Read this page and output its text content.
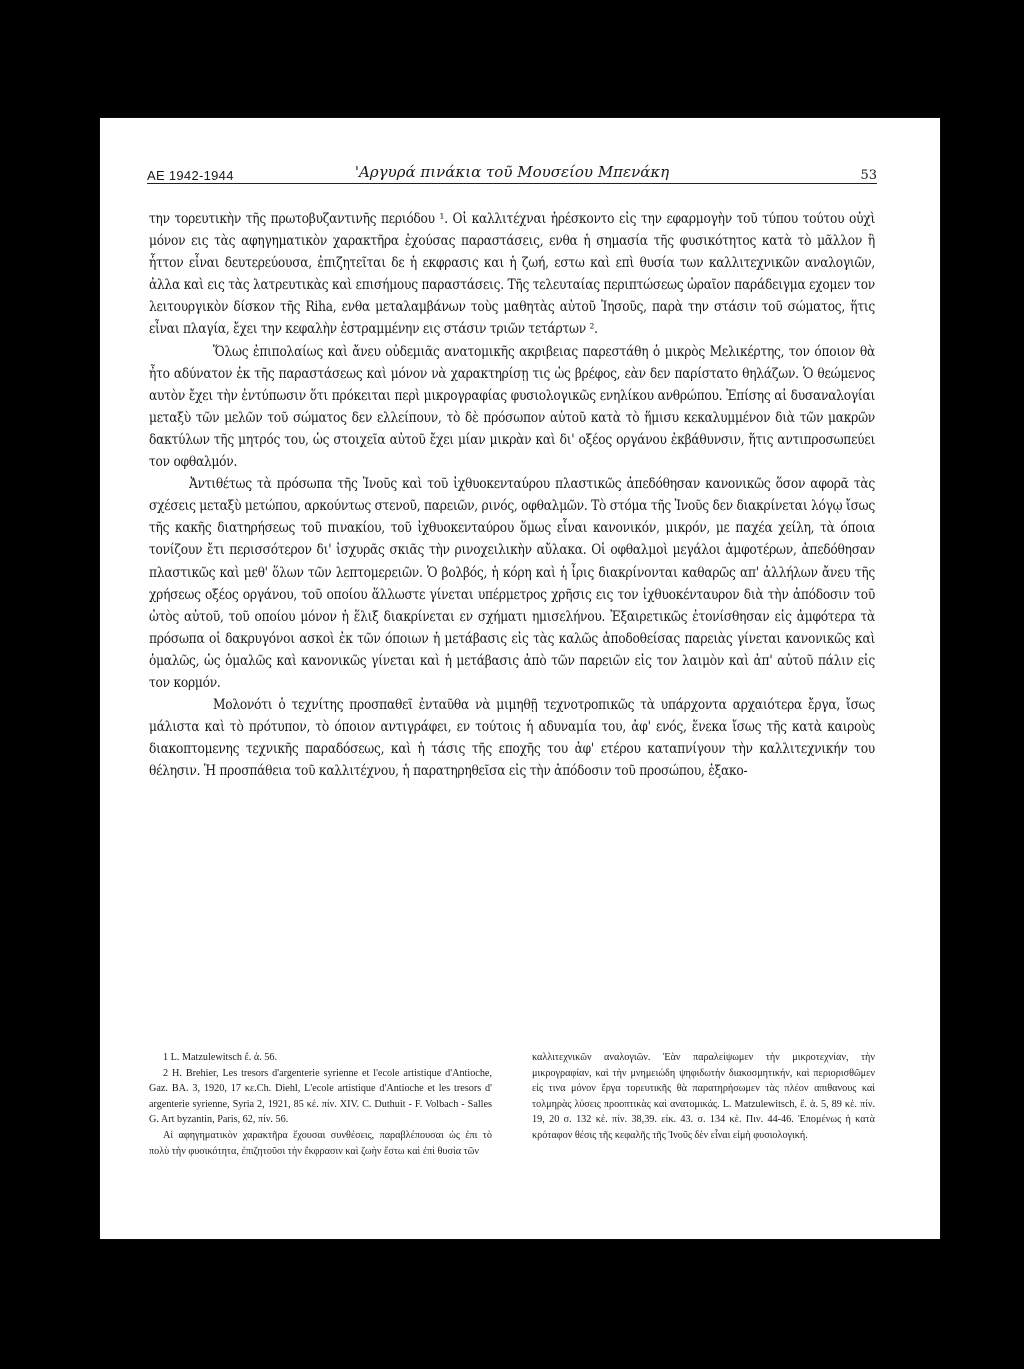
ΑΕ 1942-1944	'Αργυρά πινάκια τοῦ Μουσείου Μπενάκη	53

την τορευτικὴν τῆς πρωτοβυζαντινῆς περιόδου ¹. Οἱ καλλιτέχναι ἠρέσκοντο εἰς την εφαρμογὴν τοῦ τύπου τούτου οὐχὶ μόνον εις τὰς αφηγηματικὸν χαρακτῆρα ἐχούσας παραστάσεις, ενθα ἡ σημασία τῆς φυσικότητος κατὰ τὸ μᾶλλον ἢ ἧττον εἶναι δευτερεύουσα, ἐπιζητεῖται δε ἡ εκφρασις και ἡ ζωή, εστω καὶ επὶ θυσία των καλλιτεχνικῶν αναλογιῶν, ἀλλα καὶ εις τὰς λατρευτικὰς καὶ επισήμους παραστάσεις. Τῆς τελευταίας περιπτώσεως ὡραῖον παράδειγμα εχομεν τον λειτουργικὸν δίσκον τῆς Riha, ενθα μεταλαμβάνων τοὺς μαθητὰς αὐτοῦ Ἰησοῦς, παρὰ την στάσιν τοῦ σώματος, ἥτις εἶναι πλαγία, ἔχει την κεφαλὴν ἐστραμμένην εις στάσιν τριῶν τετάρτων ².

Ὅλως ἐπιπολαίως καὶ ἄνευ οὐδεμιᾶς ανατομικῆς ακριβειας παρεστάθη ὁ μικρὸς Μελικέρτης, τον όποιον θὰ ἦτο αδύνατον ἐκ τῆς παραστάσεως καὶ μόνον νὰ χαρακτηρίσῃ τις ὡς βρέφος, εὰν δεν παρίστατο θηλάζων. Ὁ θεώμενος αυτὸν ἔχει τὴν ἐντύπωσιν ὅτι πρόκειται περὶ μικρογραφίας φυσιολογικῶς ενηλίκου ανθρώπου. Ἐπίσης αἱ δυσαναλογίαι μεταξὺ τῶν μελῶν τοῦ σώματος δεν ελλείπουν, τὸ δὲ πρόσωπον αὐτοῦ κατὰ τὸ ἥμισυ κεκαλυμμένον διὰ τῶν μακρῶν δακτύλων τῆς μητρός του, ὡς στοιχεῖα αὐτοῦ ἔχει μίαν μικρὰν καὶ δι' οξέος οργάνου ἐκβάθυνσιν, ἥτις αντιπροσωπεύει τον οφθαλμόν.

Ἀντιθέτως τὰ πρόσωπα τῆς Ἰνοῦς καὶ τοῦ ἰχθυοκενταύρου πλαστικῶς ἀπεδόθησαν κανονικῶς ὅσον αφορᾶ τὰς σχέσεις μεταξὺ μετώπου, αρκούντως στενοῦ, παρειῶν, ρινός, οφθαλμῶν. Τὸ στόμα τῆς Ἰνοῦς δεν διακρίνεται λόγῳ ἴσως τῆς κακῆς διατηρήσεως τοῦ πινακίου, τοῦ ἰχθυοκενταύρου ὅμως εἶναι κανονικόν, μικρόν, με παχέα χείλη, τὰ όποια τονίζουν ἔτι περισσότερον δι' ἰσχυρᾶς σκιᾶς τὴν ρινοχειλικὴν αὔλακα. Οἱ οφθαλμοὶ μεγάλοι ἀμφοτέρων, ἀπεδόθησαν πλαστικῶς καὶ μεθ' ὅλων τῶν λεπτομερειῶν. Ὁ βολβός, ἡ κόρη καὶ ἡ ἶρις διακρίνονται καθαρῶς απ' ἀλλήλων ἄνευ τῆς χρήσεως οξέος οργάνου, τοῦ οποίου ἅλλωστε γίνεται υπέρμετρος χρῆσις εις τον ἰχθυοκένταυρον διὰ τὴν ἀπόδοσιν τοῦ ὠτὸς αὐτοῦ, τοῦ οποίου μόνον ἡ ἕλιξ διακρίνεται εν σχήματι ημισελήνου. Ἐξαιρετικῶς ἐτονίσθησαν εἰς ἀμφότερα τὰ πρόσωπα οἱ δακρυγόνοι ασκοὶ ἐκ τῶν όποιων ἡ μετάβασις εἰς τὰς καλῶς ἀποδοθείσας παρειὰς γίνεται κανονικῶς καὶ ὁμαλῶς, ὡς ὁμαλῶς καὶ κανονικῶς γίνεται καὶ ἡ μετάβασις ἀπὸ τῶν παρειῶν εἰς τον λαιμὸν καὶ ἀπ' αὐτοῦ πάλιν εἰς τον κορμόν.

Μολονότι ὁ τεχνίτης προσπαθεῖ ἐνταῦθα νὰ μιμηθῇ τεχνοτροπικῶς τὰ υπάρχοντα αρχαιότερα ἔργα, ἴσως μάλιστα καὶ τὸ πρότυπον, τὸ όποιον αντιγράφει, εν τούτοις ἡ αδυναμία του, ἀφ' ενός, ἕνεκα ἴσως τῆς κατὰ καιροὺς διακοπτομενης τεχνικῆς παραδόσεως, καὶ ἡ τάσις τῆς εποχῆς του ἀφ' ετέρου καταπνίγουν τὴν καλλιτεχνικήν του θέλησιν. Ἡ προσπάθεια τοῦ καλλιτέχνου, ἡ παρατηρηθεῖσα εἰς τὴν ἀπόδοσιν τοῦ προσώπου, ἐξακο-

1 L. Matzulewitsch ἔ. ἀ. 56.

2 H. Brehier, Les tresors d'argenterie syrienne et l'ecole artistique d'Antioche, Gaz. BA. 3, 1920, 17 κε.Ch. Diehl, L'ecole artistique d'Antioche et les tresors d' argenterie syrienne, Syria 2, 1921, 85 κἑ. πίν. XIV. C. Duthuit - F. Volbach - Salles G. Art byzantin, Paris, 62, πίν. 56.

Αἱ αφηγηματικὸν χαρακτῆρα ἔχουσαι συνθέσεις, παραβλέπουσαι ὡς ἐπι τὸ πολὺ τὴν φυσικότητα, ἐπιζητοῦσι τὴν ἔκφρασιν καὶ ζωὴν ἔστω καὶ ἐπὶ θυσία τῶν

καλλιτεχνικῶν αναλογιῶν. Ἐὰν παραλείψωμεν τὴν μικροτεχνίαν, τὴν μικρογραφίαν, καὶ τὴν μνημειώδη ψηφιδωτὴν διακοσμητικήν, καὶ περιορισθῶμεν εἰς τινα μόνον ἔργα τορευτικῆς θὰ παρατηρήσωμεν τὰς πλέον απιθανους καὶ τολμηρὰς λύσεις προοπτικὰς καὶ ανατομικάς. L. Matzulewitsch, ἔ. ἀ. 5, 89 κἑ. πίν. 19, 20 σ. 132 κἑ. πίν. 38,39. εἰκ. 43. σ. 134 κἑ. Πιν. 44-46. Ἐπομένως ἡ κατὰ κρόταφον θέσις τῆς κεφαλῆς τῆς Ἰνοῦς δὲν εἶναι εἰμὴ φυσιολογική.
